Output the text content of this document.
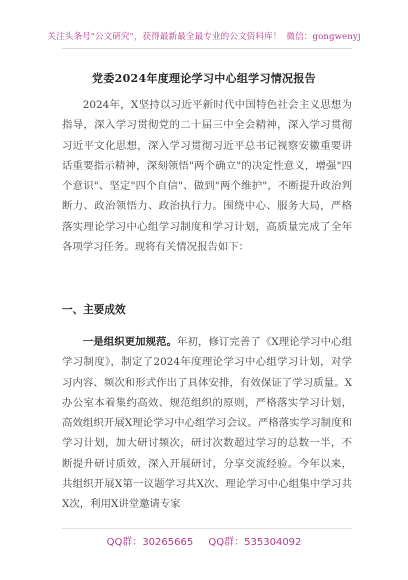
关注头条号"公文研究"，获得最新最全最专业的公文资料库！ 微信：gongwenyj
党委2024年度理论学习中心组学习情况报告

2024年，X坚持以习近平新时代中国特色社会主义思想为指导，深入学习贯彻党的二十届三中全会精神，深入学习贯彻习近平文化思想，深入学习贯彻习近平总书记视察安徽重要讲话重要指示精神，深刻领悟"两个确立"的决定性意义，增强"四个意识"、坚定"四个自信"、做到"两个维护"，不断提升政治判断力、政治领悟力、政治执行力。围绕中心、服务大局，严格落实理论学习中心组学习制度和学习计划，高质量完成了全年各项学习任务。现将有关情况报告如下：

一、主要成效

一是组织更加规范。年初，修订完善了《X理论学习中心组学习制度》，制定了2024年度理论学习中心组学习计划，对学习内容、频次和形式作出了具体安排，有效保证了学习质量。X办公室本着集约高效、规范组织的原则，严格落实学习计划，高效组织开展X理论学习中心组学习会议。严格落实学习制度和学习计划，加大研讨频次，研讨次数超过学习的总数一半，不断提升研讨质效，深入开展研讨，分享交流经验。今年以来，共组织开展X第一议题学习共X次、理论学习中心组集中学习共X次，利用X讲堂邀请专家

QQ群：30265665 QQ群：535304092
